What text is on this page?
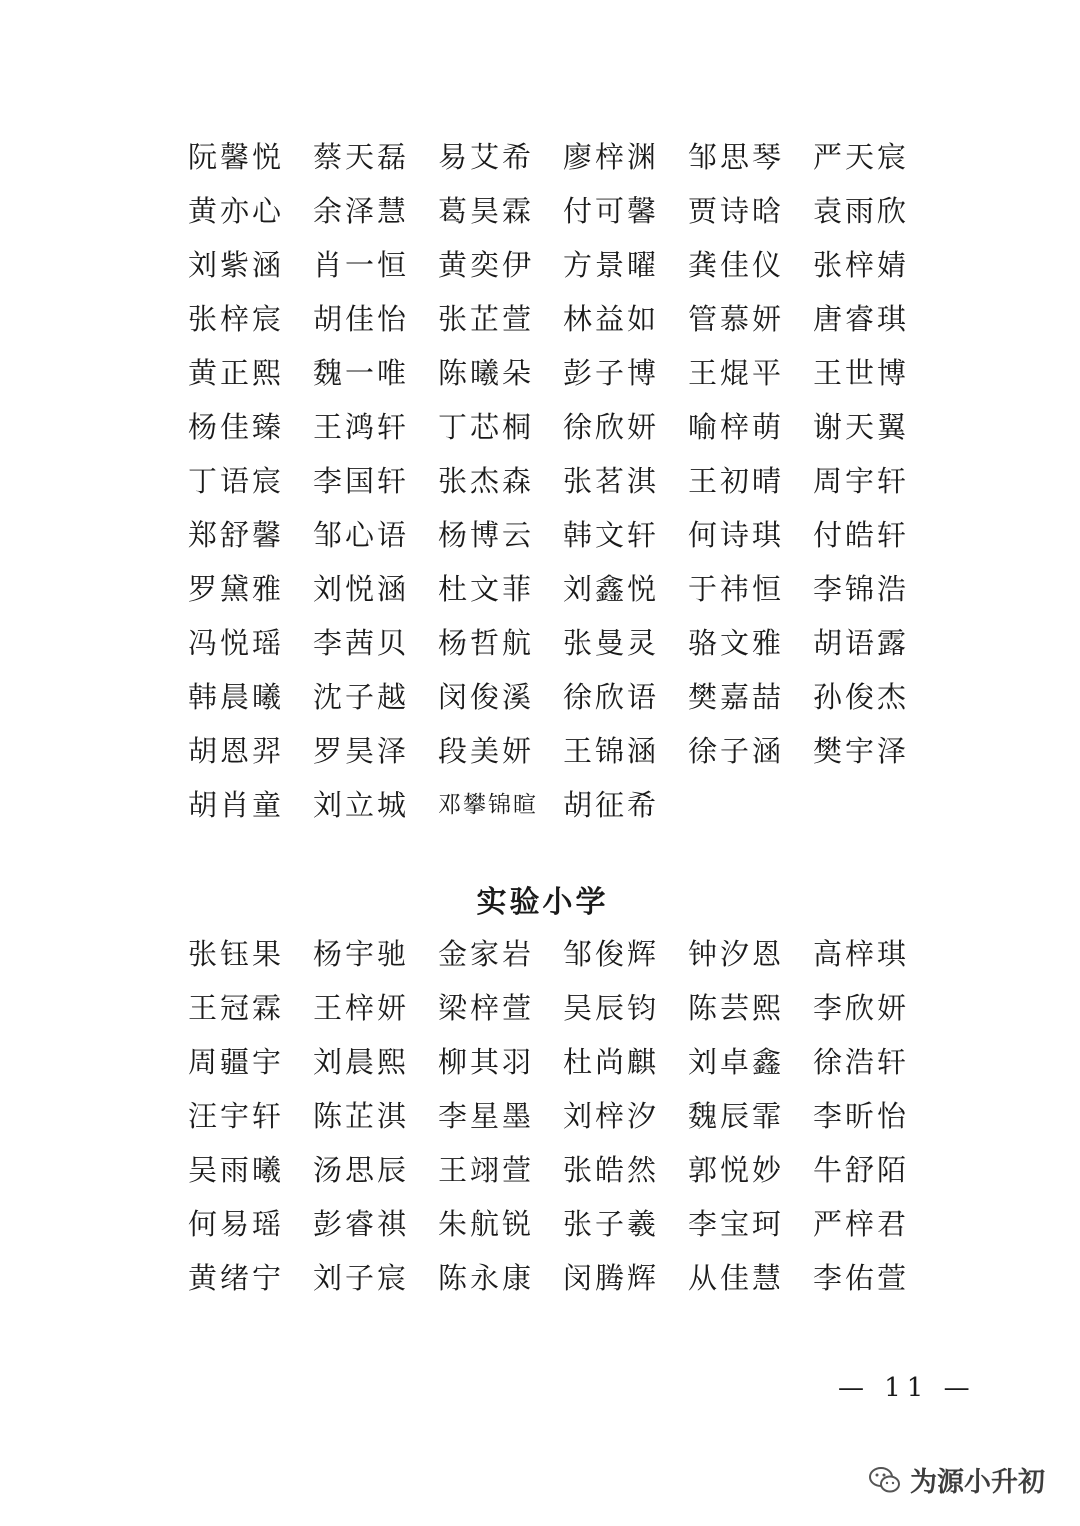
阮馨悦 蔡天磊 易艾希 廖梓渊 邹思琴 严天宸
黄亦心 余泽慧 葛昊霖 付可馨 贾诗晗 袁雨欣
刘紫涵 肖一恒 黄奕伊 方景曜 龚佳仪 张梓婧
张梓宸 胡佳怡 张芷萱 林益如 管慕妍 唐睿琪
黄正熙 魏一唯 陈曦朵 彭子博 王焜平 王世博
杨佳臻 王鸿轩 丁芯桐 徐欣妍 喻梓萌 谢天翼
丁语宸 李国轩 张杰森 张茗淇 王初晴 周宇轩
郑舒馨 邹心语 杨博云 韩文轩 何诗琪 付皓轩
罗黛雅 刘悦涵 杜文菲 刘鑫悦 于祎恒 李锦浩
冯悦瑶 李茜贝 杨哲航 张曼灵 骆文雅 胡语露
韩晨曦 沈子越 闵俊溪 徐欣语 樊嘉喆 孙俊杰
胡恩羿 罗昊泽 段美妍 王锦涵 徐子涵 樊宇泽
胡肖童 刘立城	邓攀锦暄 胡征希
实验小学
张钰果 杨宇驰 金家岩 邹俊辉 钟汐恩 高梓琪
王冠霖 王梓妍 梁梓萱 吴辰钧 陈芸熙 李欣妍
周疆宇 刘晨熙 柳其羽 杜尚麒 刘卓鑫 徐浩轩
汪宇轩 陈芷淇 李星墨 刘梓汐 魏辰霏 李昕怡
吴雨曦 汤思辰 王翊萱 张皓然 郭悦妙 牛舒陌
何易瑶 彭睿祺 朱航锐 张子羲 李宝珂 严梓君
黄绪宁 刘子宸 陈永康 闵腾辉 从佳慧 李佑萱
— 11 —
为源小升初
